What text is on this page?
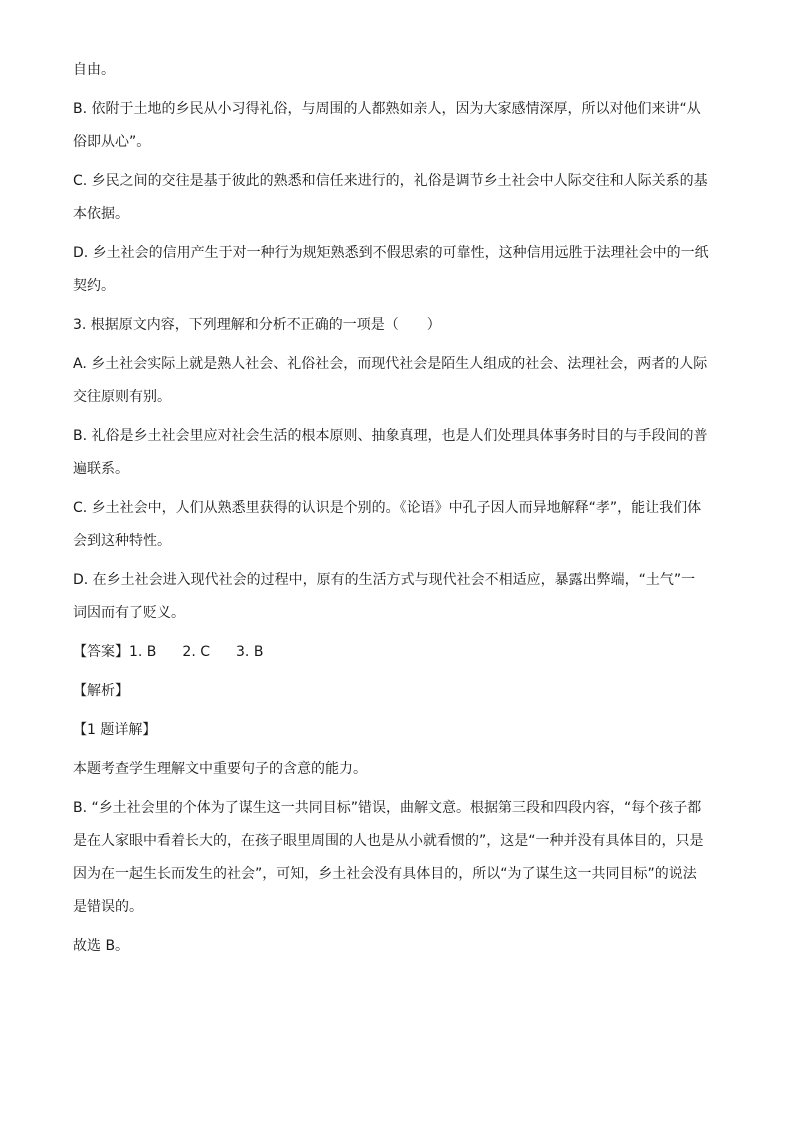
自由。

B. 依附于土地的乡民从小习得礼俗，与周围的人都熟如亲人，因为大家感情深厚，所以对他们来讲“从

俗即从心”。

C. 乡民之间的交往是基于彼此的熟悉和信任来进行的，礼俗是调节乡土社会中人际交往和人际关系的基

本依据。

D. 乡土社会的信用产生于对一种行为规矩熟悉到不假思索的可靠性，这种信用远胜于法理社会中的一纸

契约。

3. 根据原文内容，下列理解和分析不正确的一项是（　　）

A. 乡土社会实际上就是熟人社会、礼俗社会，而现代社会是陌生人组成的社会、法理社会，两者的人际

交往原则有别。

B. 礼俗是乡土社会里应对社会生活的根本原则、抽象真理，也是人们处理具体事务时目的与手段间的普

遍联系。

C. 乡土社会中，人们从熟悉里获得的认识是个别的。《论语》中孔子因人而异地解释“孝”，能让我们体

会到这种特性。

D. 在乡土社会进入现代社会的过程中，原有的生活方式与现代社会不相适应，暴露出弊端，“土气”一

词因而有了贬义。

【答案】1. B 2. C 3. B

【解析】

【1 题详解】

本题考查学生理解文中重要句子的含意的能力。

B. “乡土社会里的个体为了谋生这一共同目标”错误，曲解文意。根据第三段和四段内容，“每个孩子都

是在人家眼中看着长大的，在孩子眼里周围的人也是从小就看惯的”，这是“一种并没有具体目的，只是

因为在一起生长而发生的社会”，可知，乡土社会没有具体目的，所以“为了谋生这一共同目标”的说法

是错误的。

故选 B。
